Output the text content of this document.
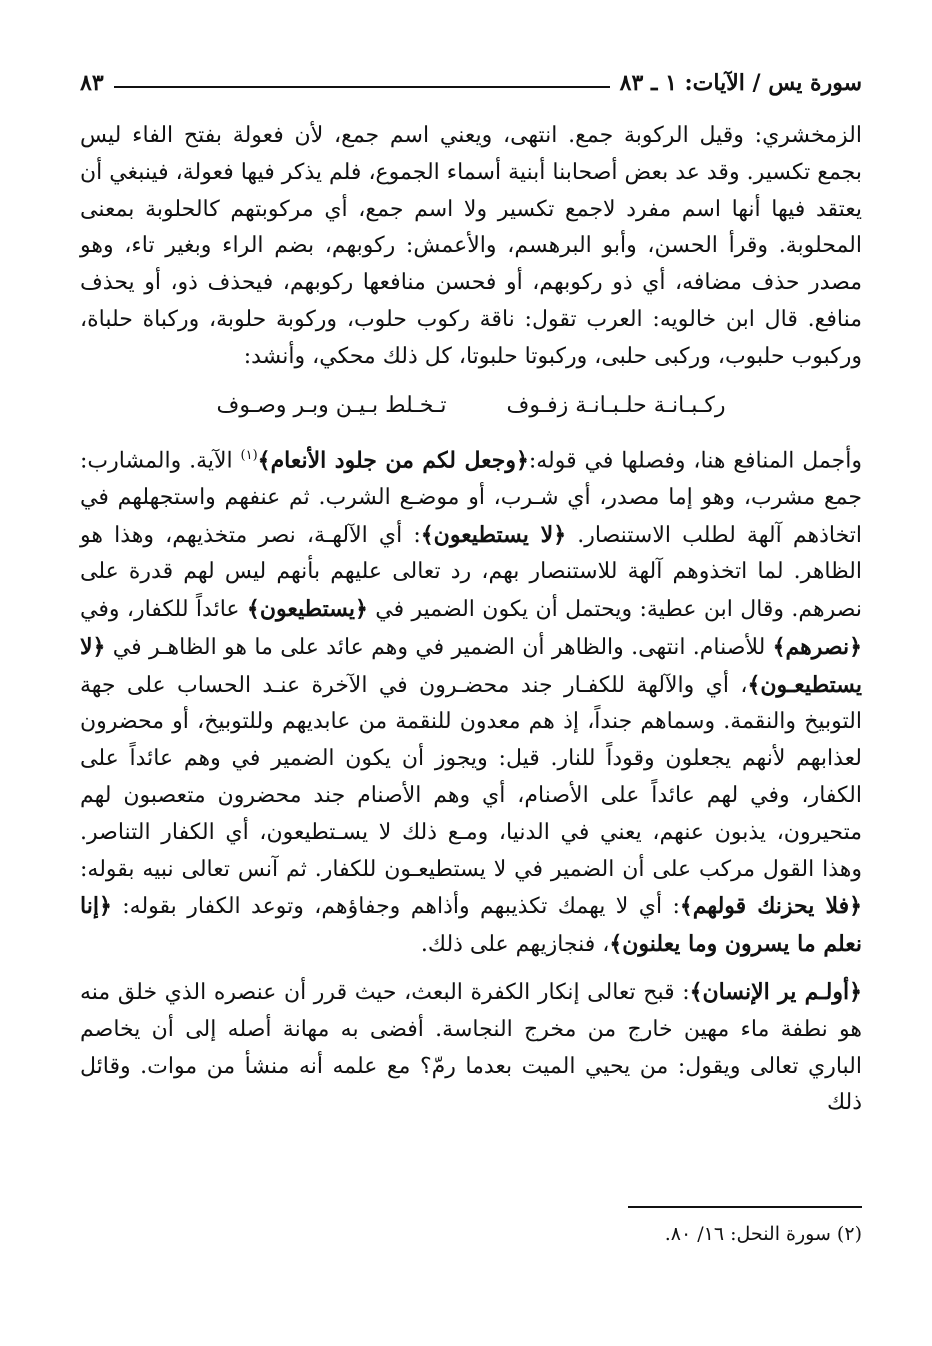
سورة يس / الآيات: ١ ـ ٨٣
٨٣

الزمخشري: وقيل الركوبة جمع. انتهى، ويعني اسم جمع، لأن فعولة بفتح الفاء ليس بجمع تكسير. وقد عد بعض أصحابنا أبنية أسماء الجموع، فلم يذكر فيها فعولة، فينبغي أن يعتقد فيها أنها اسم مفرد لاجمع تكسير ولا اسم جمع، أي مركوبتهم كالحلوبة بمعنى المحلوبة. وقرأ الحسن، وأبو البرهسم، والأعمش: ركوبهم، بضم الراء وبغير تاء، وهو مصدر حذف مضافه، أي ذو ركوبهم، أو فحسن منافعها ركوبهم، فيحذف ذو، أو يحذف منافع. قال ابن خالويه: العرب تقول: ناقة ركوب حلوب، وركوبة حلوبة، وركباة حلباة، وركبوب حلبوب، وركبى حلبى، وركبوتا حلبوتا، كل ذلك محكي، وأنشد:

ركـبـانـة حلـبـانـة زفـوف
تـخـلط بـيـن وبـر وصـوف

وأجمل المنافع هنا، وفصلها في قوله:﴿وجعل لكم من جلود الأنعام﴾$^{(١)}$ الآية. والمشارب: جمع مشرب، وهو إما مصدر، أي شـرب، أو موضـع الشرب. ثم عنفهم واستجهلهم في اتخاذهم آلهة لطلب الاستنصار. ﴿لا يستطيعون﴾: أي الآلهـة، نصر متخذيهم، وهذا هو الظاهر. لما اتخذوهم آلهة للاستنصار بهم، رد تعالى عليهم بأنهم ليس لهم قدرة على نصرهم. وقال ابن عطية: ويحتمل أن يكون الضمير في ﴿يستطيعون﴾ عائداً للكفار، وفي ﴿نصرهم﴾ للأصنام. انتهى. والظاهر أن الضمير في وهم عائد على ما هو الظاهـر في ﴿لا يستطيعـون﴾، أي والآلهة للكفـار جند محضـرون في الآخرة عنـد الحساب على جهة التوبيخ والنقمة. وسماهم جنداً، إذ هم معدون للنقمة من عابديهم وللتوبيخ، أو محضرون لعذابهم لأنهم يجعلون وقوداً للنار. قيل: ويجوز أن يكون الضمير في وهم عائداً على الكفار، وفي لهم عائداً على الأصنام، أي وهم الأصنام جند محضرون متعصبون لهم متحيرون، يذبون عنهم، يعني في الدنيا، ومـع ذلك لا يسـتطيعون، أي الكفار التناصر. وهذا القول مركب على أن الضمير في لا يستطيعـون للكفار. ثم آنس تعالى نبيه بقوله: ﴿فلا يحزنك قولهم﴾: أي لا يهمك تكذيبهم وأذاهم وجفاؤهم، وتوعد الكفار بقوله: ﴿إنا نعلم ما يسرون وما يعلنون﴾، فنجازيهم على ذلك.

﴿أولـم ير الإنسان﴾: قبح تعالى إنكار الكفرة البعث، حيث قرر أن عنصره الذي خلق منه هو نطفة ماء مهين خارج من مخرج النجاسة. أفضى به مهانة أصله إلى أن يخاصم الباري تعالى ويقول: من يحيي الميت بعدما رمّ؟ مع علمه أنه منشأ من موات. وقائل ذلك

(٢) سورة النحل: ١٦/ ٨٠.
